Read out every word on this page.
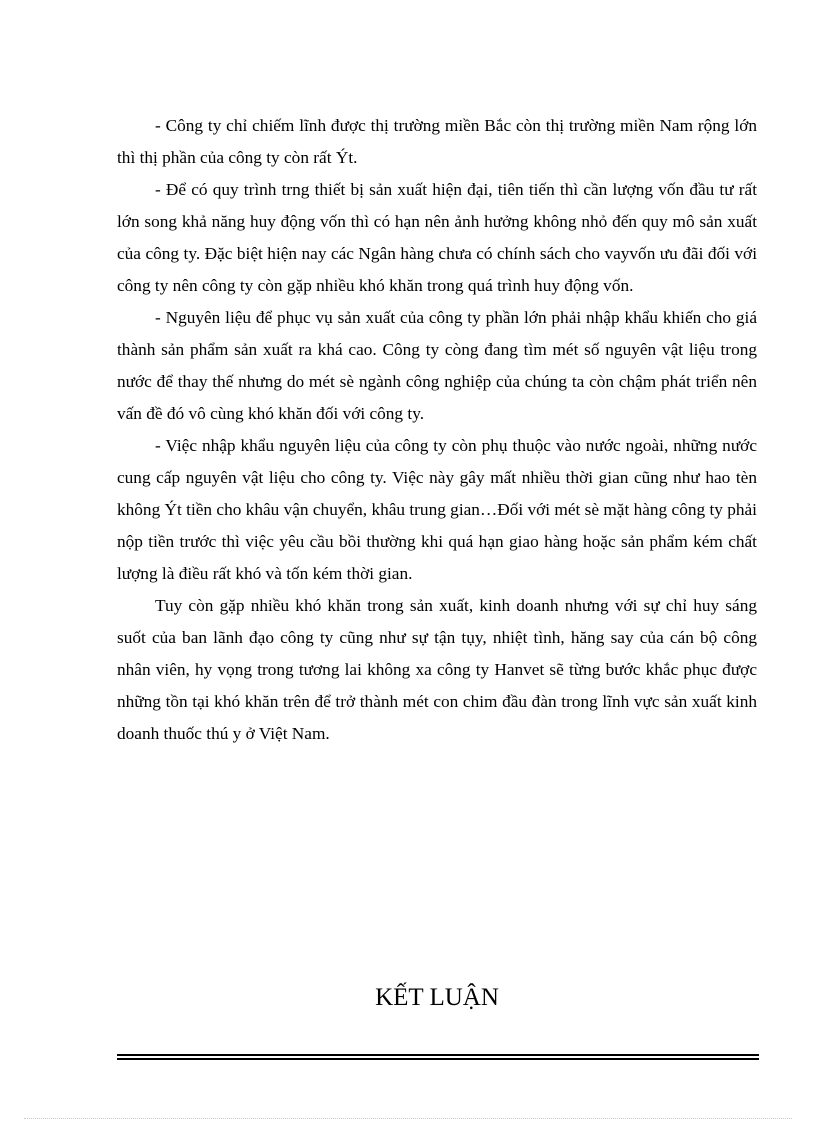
- Công ty chỉ chiếm lĩnh được thị trường miền Bắc còn thị trường miền Nam rộng lớn thì thị phần của công ty còn rất Ýt.

- Để có quy trình trng thiết bị sản xuất hiện đại, tiên tiến thì cần lượng vốn đầu tư rất lớn song khả năng huy động vốn thì có hạn nên ảnh hưởng không nhỏ đến quy mô sản xuất của công ty. Đặc biệt hiện nay các Ngân hàng chưa có chính sách cho vayvốn ưu đãi đối với công ty nên công ty còn gặp nhiều khó khăn trong quá trình huy động vốn.

- Nguyên liệu để phục vụ sản xuất của công ty phần lớn phải nhập khẩu khiến cho giá thành sản phẩm sản xuất ra khá cao. Công ty còng đang tìm mét số nguyên vật liệu trong nước để thay thế nhưng do mét sè ngành công nghiệp của chúng ta còn chậm phát triển nên vấn đề đó vô cùng khó khăn đối với công ty.

- Việc nhập khẩu nguyên liệu của công ty còn phụ thuộc vào nước ngoài, những nước cung cấp nguyên vật liệu cho công ty. Việc này gây mất nhiều thời gian cũng như hao tèn không Ýt tiền cho khâu vận chuyển, khâu trung gian…Đối với mét sè mặt hàng công ty phải nộp tiền trước thì việc yêu cầu bồi thường khi quá hạn giao hàng hoặc sản phẩm kém chất lượng là điều rất khó và tốn kém thời gian.

Tuy còn gặp nhiều khó khăn trong sản xuất, kinh doanh nhưng với sự chỉ huy sáng suốt của ban lãnh đạo công ty cũng như sự tận tụy, nhiệt tình, hăng say của cán bộ công nhân viên, hy vọng trong tương lai không xa công ty Hanvet sẽ từng bước khắc phục được những tồn tại khó khăn trên để trở thành mét con chim đầu đàn trong lĩnh vực sản xuất kinh doanh thuốc thú y ở Việt Nam.

KẾT LUẬN
